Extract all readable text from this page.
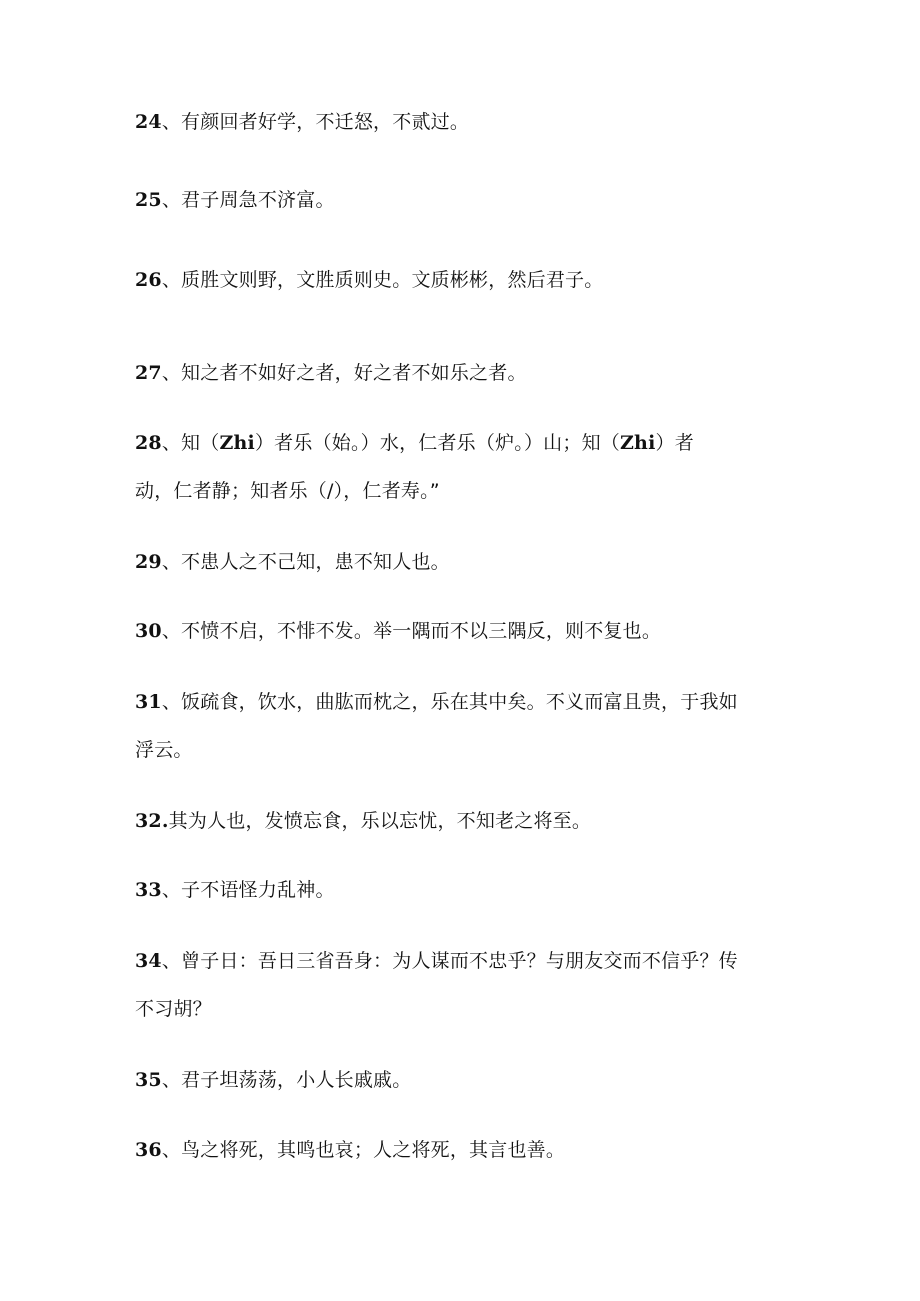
24、有颜回者好学，不迁怒，不贰过。
25、君子周急不济富。
26、质胜文则野，文胜质则史。文质彬彬，然后君子。
27、知之者不如好之者，好之者不如乐之者。
28、知（Zhi）者乐（始。）水，仁者乐（炉。）山；知（Zhi）者
动，仁者静；知者乐（/），仁者寿。”
29、不患人之不己知，患不知人也。
30、不愤不启，不悱不发。举一隅而不以三隅反，则不复也。
31、饭疏食，饮水，曲肱而枕之，乐在其中矣。不义而富且贵，于我如
浮云。
32.其为人也，发愤忘食，乐以忘忧，不知老之将至。
33、子不语怪力乱神。
34、曾子日：吾日三省吾身：为人谋而不忠乎？与朋友交而不信乎？传
不习胡？
35、君子坦荡荡，小人长戚戚。
36、鸟之将死，其鸣也哀；人之将死，其言也善。
